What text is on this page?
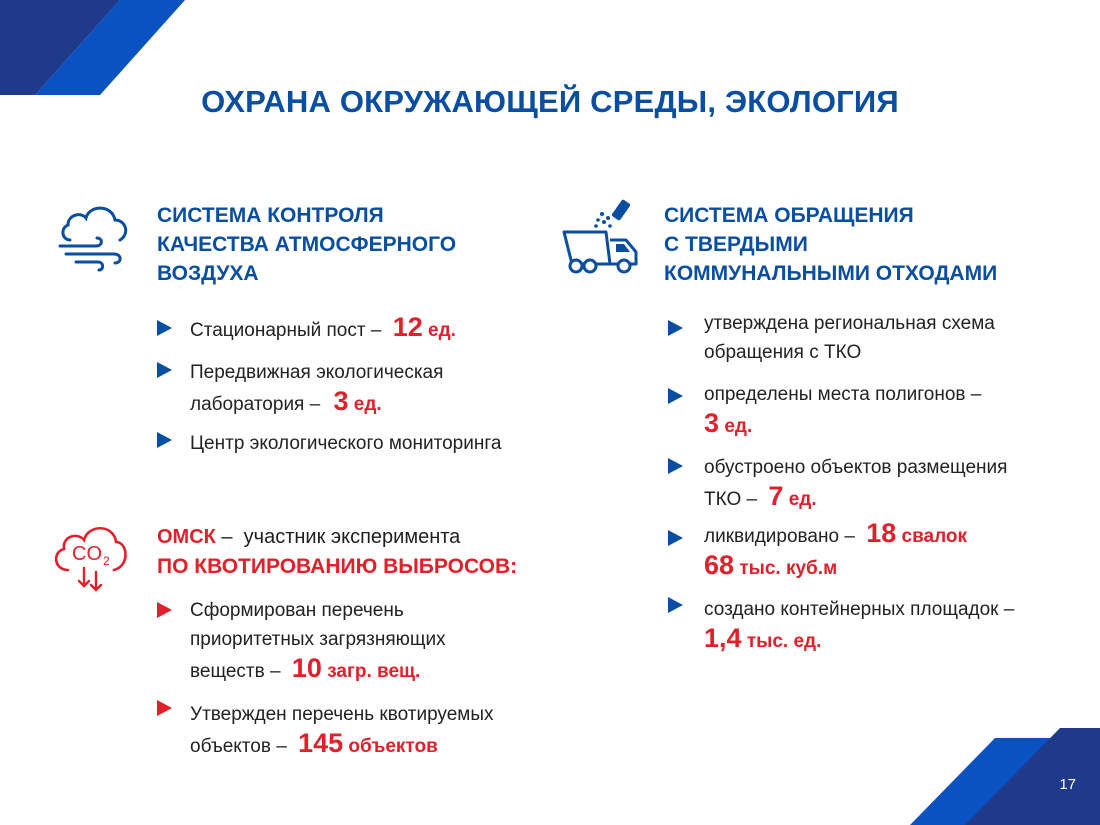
17
ОХРАНА ОКРУЖАЮЩЕЙ СРЕДЫ, ЭКОЛОГИЯ
СИСТЕМА КОНТРОЛЯ
КАЧЕСТВА АТМОСФЕРНОГО
ВОЗДУХА
Стационарный пост – 12 ед.
Передвижная экологическая
лаборатория – 3 ед.
Центр экологического мониторинга
CO 2
ОМСК –  участник эксперимента
ПО КВОТИРОВАНИЮ ВЫБРОСОВ:
Сформирован перечень
приоритетных загрязняющих
веществ – 10 загр. вещ.
Утвержден перечень квотируемых
объектов – 145 объектов
СИСТЕМА ОБРАЩЕНИЯ
С ТВЕРДЫМИ
КОММУНАЛЬНЫМИ ОТХОДАМИ
утверждена региональная схема
обращения с ТКО
определены места полигонов –
3 ед.
обустроено объектов размещения
ТКО – 7 ед.
ликвидировано – 18 свалок
68 тыс. куб.м
создано контейнерных площадок –
1,4 тыс. ед.
